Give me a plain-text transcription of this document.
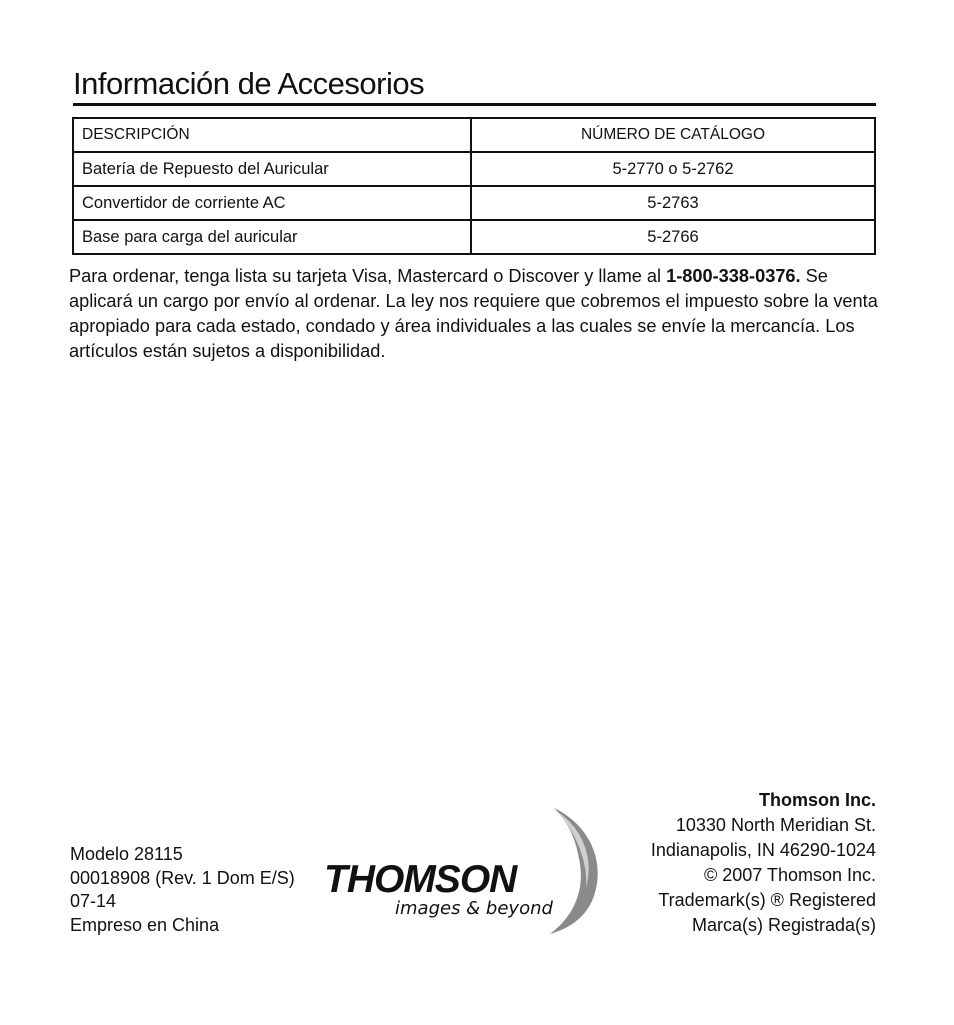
Información de Accesorios
DESCRIPCIÓN	NÚMERO DE CATÁLOGO
Batería de Repuesto del Auricular	5-2770 o 5-2762
Convertidor de corriente AC	5-2763
Base para carga del auricular	5-2766

Para ordenar, tenga lista su tarjeta Visa, Mastercard o Discover y llame al 1-800-338-0376. Se aplicará un cargo por envío al ordenar. La ley nos requiere que cobremos el impuesto sobre la venta apropiado para cada estado, condado y área individuales a las cuales se envíe la mercancía. Los artículos están sujetos a disponibilidad.

Modelo 28115
00018908 (Rev. 1 Dom E/S)
07-14
Empreso en China
THOMSON
images & beyond
Thomson Inc.
10330 North Meridian St.
Indianapolis, IN 46290-1024
© 2007 Thomson Inc.
Trademark(s) ® Registered
Marca(s) Registrada(s)
